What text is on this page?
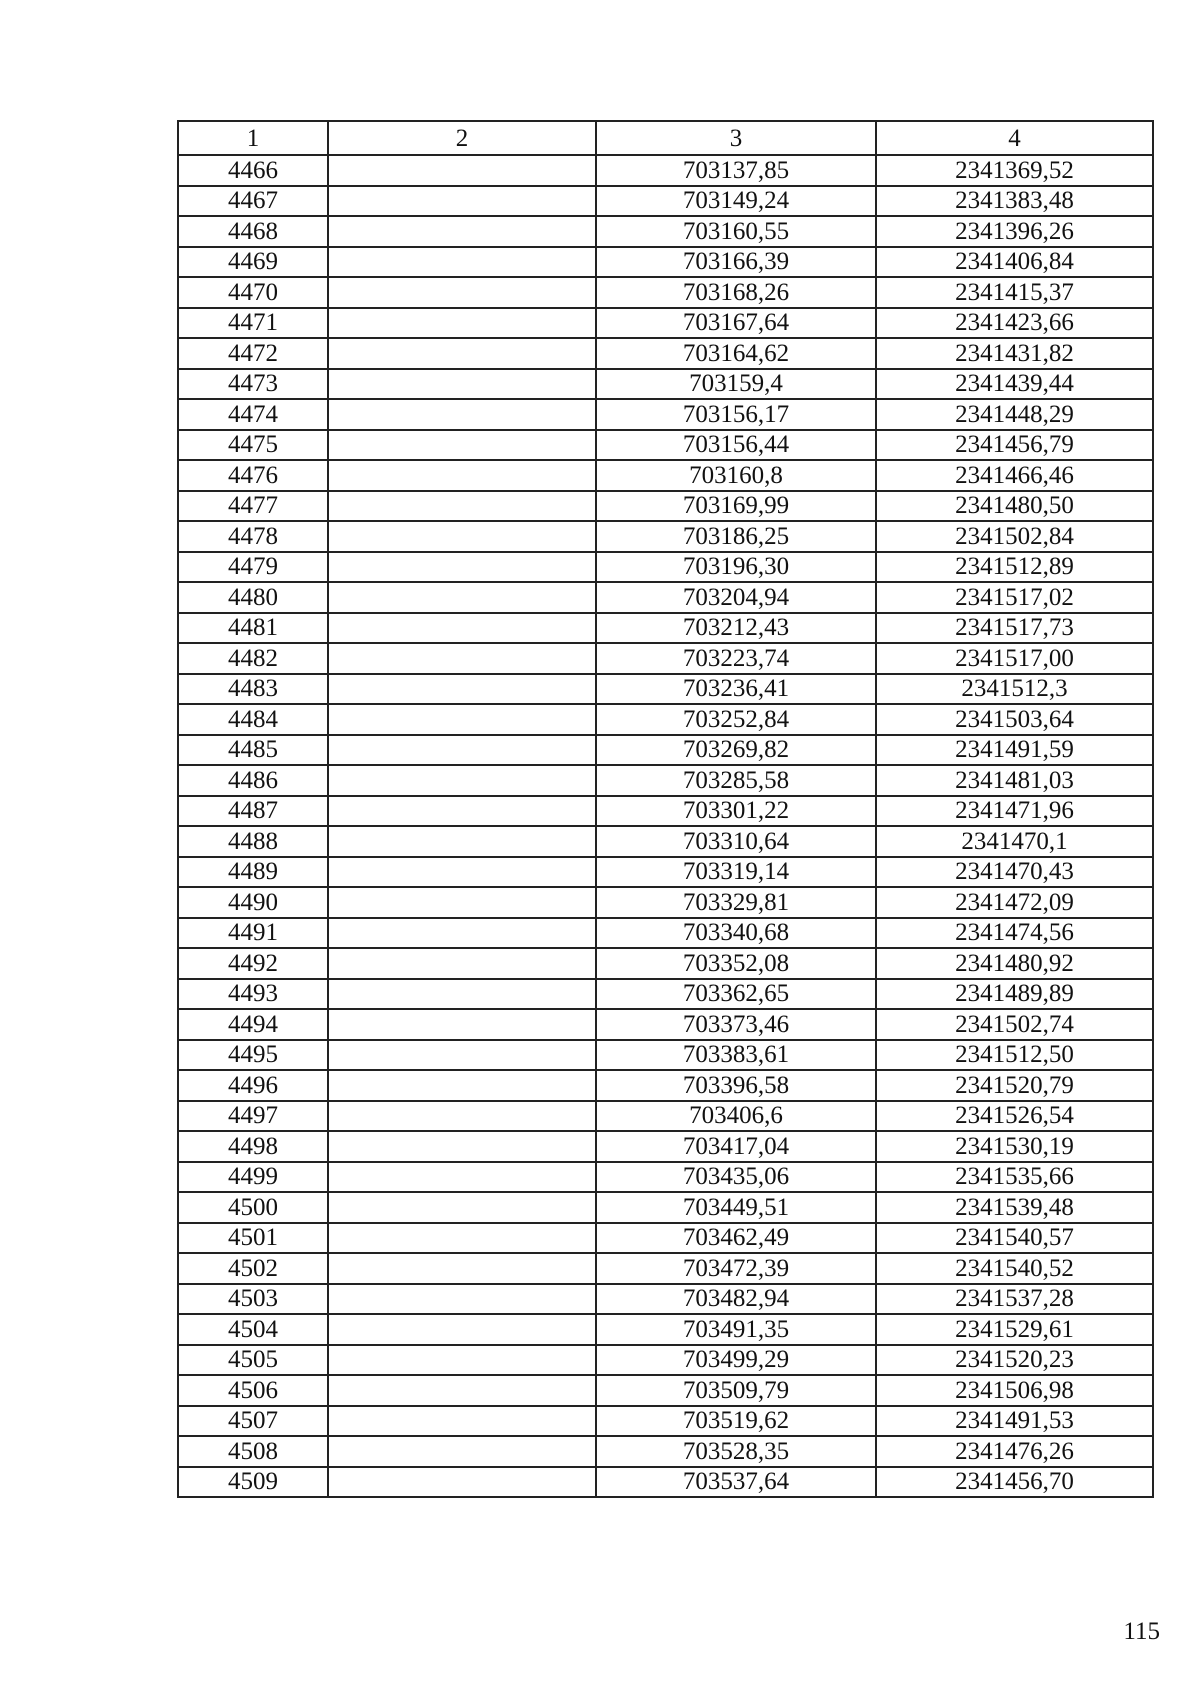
1	2	3	4
4466		703137,85	2341369,52
4467		703149,24	2341383,48
4468		703160,55	2341396,26
4469		703166,39	2341406,84
4470		703168,26	2341415,37
4471		703167,64	2341423,66
4472		703164,62	2341431,82
4473		703159,4	2341439,44
4474		703156,17	2341448,29
4475		703156,44	2341456,79
4476		703160,8	2341466,46
4477		703169,99	2341480,50
4478		703186,25	2341502,84
4479		703196,30	2341512,89
4480		703204,94	2341517,02
4481		703212,43	2341517,73
4482		703223,74	2341517,00
4483		703236,41	2341512,3
4484		703252,84	2341503,64
4485		703269,82	2341491,59
4486		703285,58	2341481,03
4487		703301,22	2341471,96
4488		703310,64	2341470,1
4489		703319,14	2341470,43
4490		703329,81	2341472,09
4491		703340,68	2341474,56
4492		703352,08	2341480,92
4493		703362,65	2341489,89
4494		703373,46	2341502,74
4495		703383,61	2341512,50
4496		703396,58	2341520,79
4497		703406,6	2341526,54
4498		703417,04	2341530,19
4499		703435,06	2341535,66
4500		703449,51	2341539,48
4501		703462,49	2341540,57
4502		703472,39	2341540,52
4503		703482,94	2341537,28
4504		703491,35	2341529,61
4505		703499,29	2341520,23
4506		703509,79	2341506,98
4507		703519,62	2341491,53
4508		703528,35	2341476,26
4509		703537,64	2341456,70
115
